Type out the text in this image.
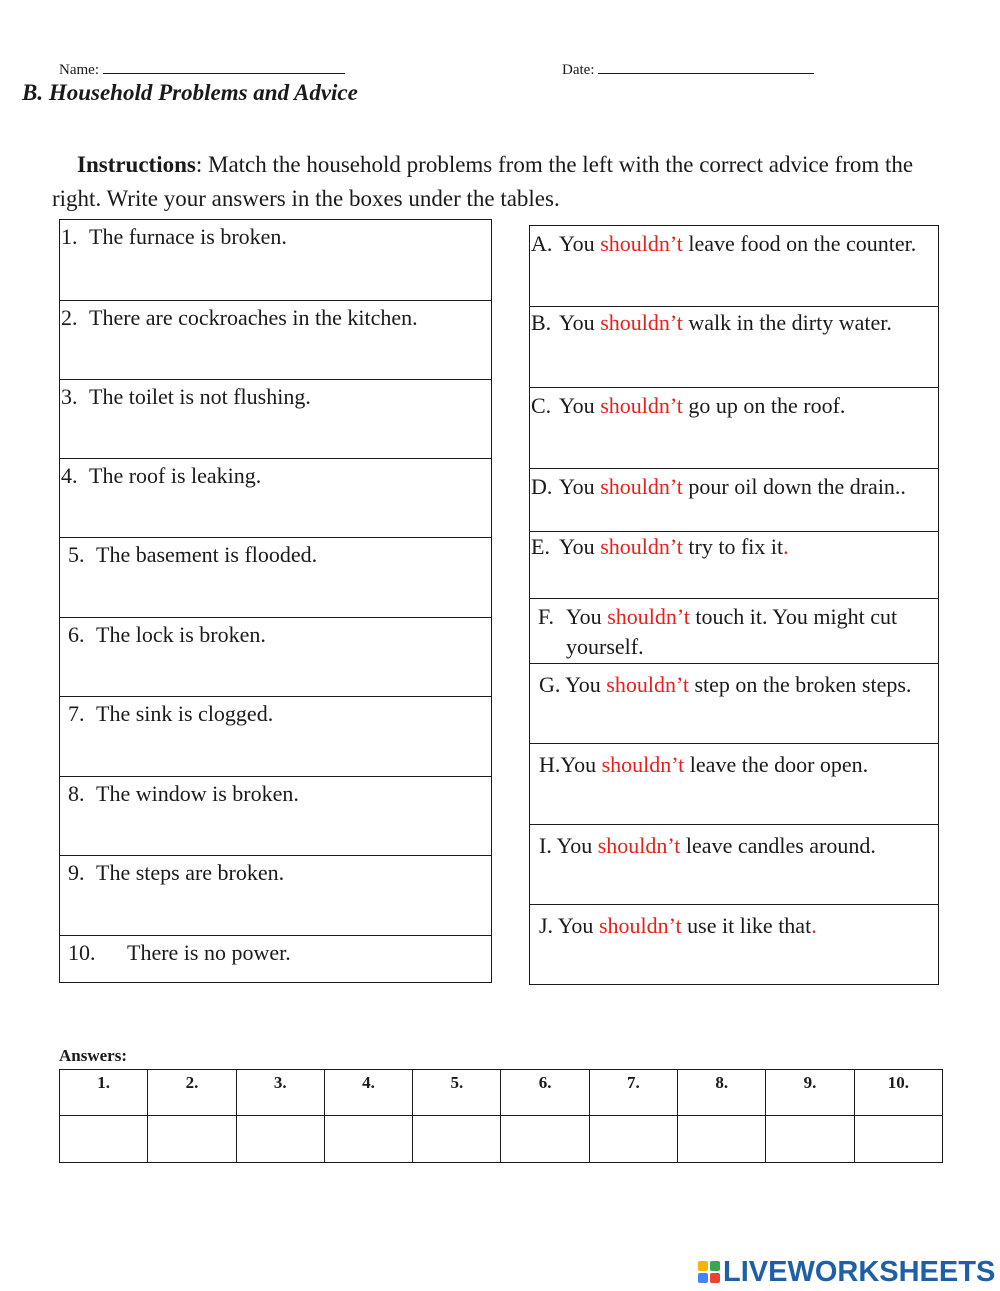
Name:	Date:
B. Household Problems and Advice
Instructions: Match the household problems from the left with the correct advice from the right. Write your answers in the boxes under the tables.
1. The furnace is broken.
2. There are cockroaches in the kitchen.
3. The toilet is not flushing.
4. The roof is leaking.
5. The basement is flooded.
6. The lock is broken.
7. The sink is clogged.
8. The window is broken.
9. The steps are broken.
10. There is no power.
A. You shouldn’t leave food on the counter.
B. You shouldn’t walk in the dirty water.
C. You shouldn’t go up on the roof.
D. You shouldn’t pour oil down the drain..
E. You shouldn’t try to fix it.
F. You shouldn’t touch it. You might cut yourself.
G. You shouldn’t step on the broken steps.
H.You shouldn’t leave the door open.
I. You shouldn’t leave candles around.
J. You shouldn’t use it like that.
Answers:
1.	2.	3.	4.	5.	6.	7.	8.	9.	10.

LIVEWORKSHEETS
